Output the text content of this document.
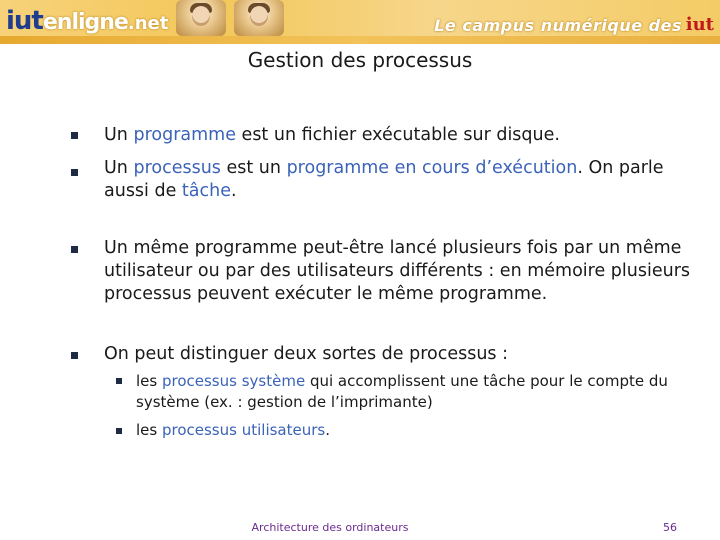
iut enligne .net	Le campus numérique des iut
Gestion des processus
Un programme est un fichier exécutable sur disque.
Un processus est un programme en cours d’exécution. On parle aussi de tâche.
Un même programme peut-être lancé plusieurs fois par un même utilisateur ou par des utilisateurs différents : en mémoire plusieurs processus peuvent exécuter le même programme.
On peut distinguer deux sortes de processus :
les processus système qui accomplissent une tâche pour le compte du système (ex. : gestion de l’imprimante)
les processus utilisateurs.
Architecture des ordinateurs	56
